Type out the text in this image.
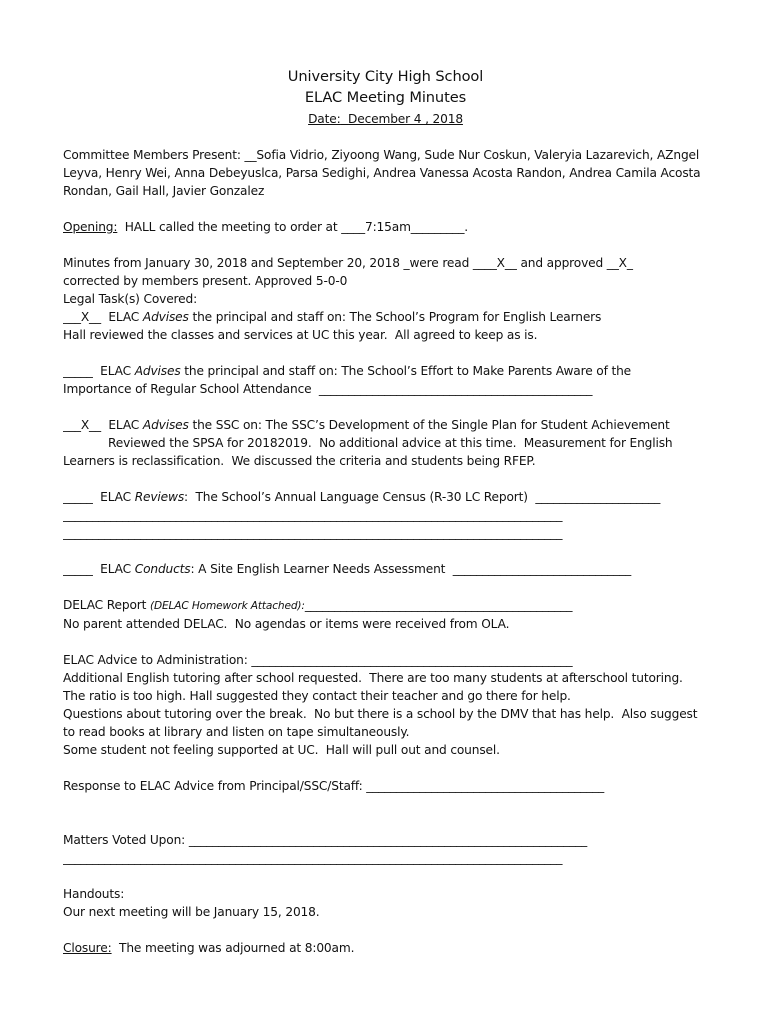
University City High School
ELAC Meeting Minutes
Date: December 4 , 2018
Committee Members Present: __Sofia Vidrio, Ziyoong Wang, Sude Nur Coskun, Valeryia Lazarevich, AZngel
Leyva, Henry Wei, Anna Debeyuslca, Parsa Sedighi, Andrea Vanessa Acosta Randon, Andrea Camila Acosta
Rondan, Gail Hall, Javier Gonzalez
Opening:  HALL called the meeting to order at ____7:15am_________.
Minutes from January 30, 2018 and September 20, 2018 _were read ____X__ and approved __X_
corrected by members present. Approved 5-0-0
Legal Task(s) Covered:
___X__  ELAC Advises the principal and staff on: The School’s Program for English Learners
Hall reviewed the classes and services at UC this year.  All agreed to keep as is.
_____  ELAC Advises the principal and staff on: The School’s Effort to Make Parents Aware of the
Importance of Regular School Attendance  ______________________________________________
___X__  ELAC Advises the SSC on: The SSC’s Development of the Single Plan for Student Achievement
Reviewed the SPSA for 20182019.  No additional advice at this time.  Measurement for English
Learners is reclassification.  We discussed the criteria and students being RFEP.
_____  ELAC Reviews:  The School’s Annual Language Census (R-30 LC Report)  _____________________
____________________________________________________________________________________
____________________________________________________________________________________
_____  ELAC Conducts: A Site English Learner Needs Assessment  ______________________________
DELAC Report (DELAC Homework Attached):_____________________________________________
No parent attended DELAC.  No agendas or items were received from OLA.
ELAC Advice to Administration: ______________________________________________________
Additional English tutoring after school requested.  There are too many students at afterschool tutoring.
The ratio is too high. Hall suggested they contact their teacher and go there for help.
Questions about tutoring over the break.  No but there is a school by the DMV that has help.  Also suggest
to read books at library and listen on tape simultaneously.
Some student not feeling supported at UC.  Hall will pull out and counsel.
Response to ELAC Advice from Principal/SSC/Staff: ________________________________________
Matters Voted Upon: ___________________________________________________________________
____________________________________________________________________________________
Handouts:
Our next meeting will be January 15, 2018.
Closure:  The meeting was adjourned at 8:00am.
